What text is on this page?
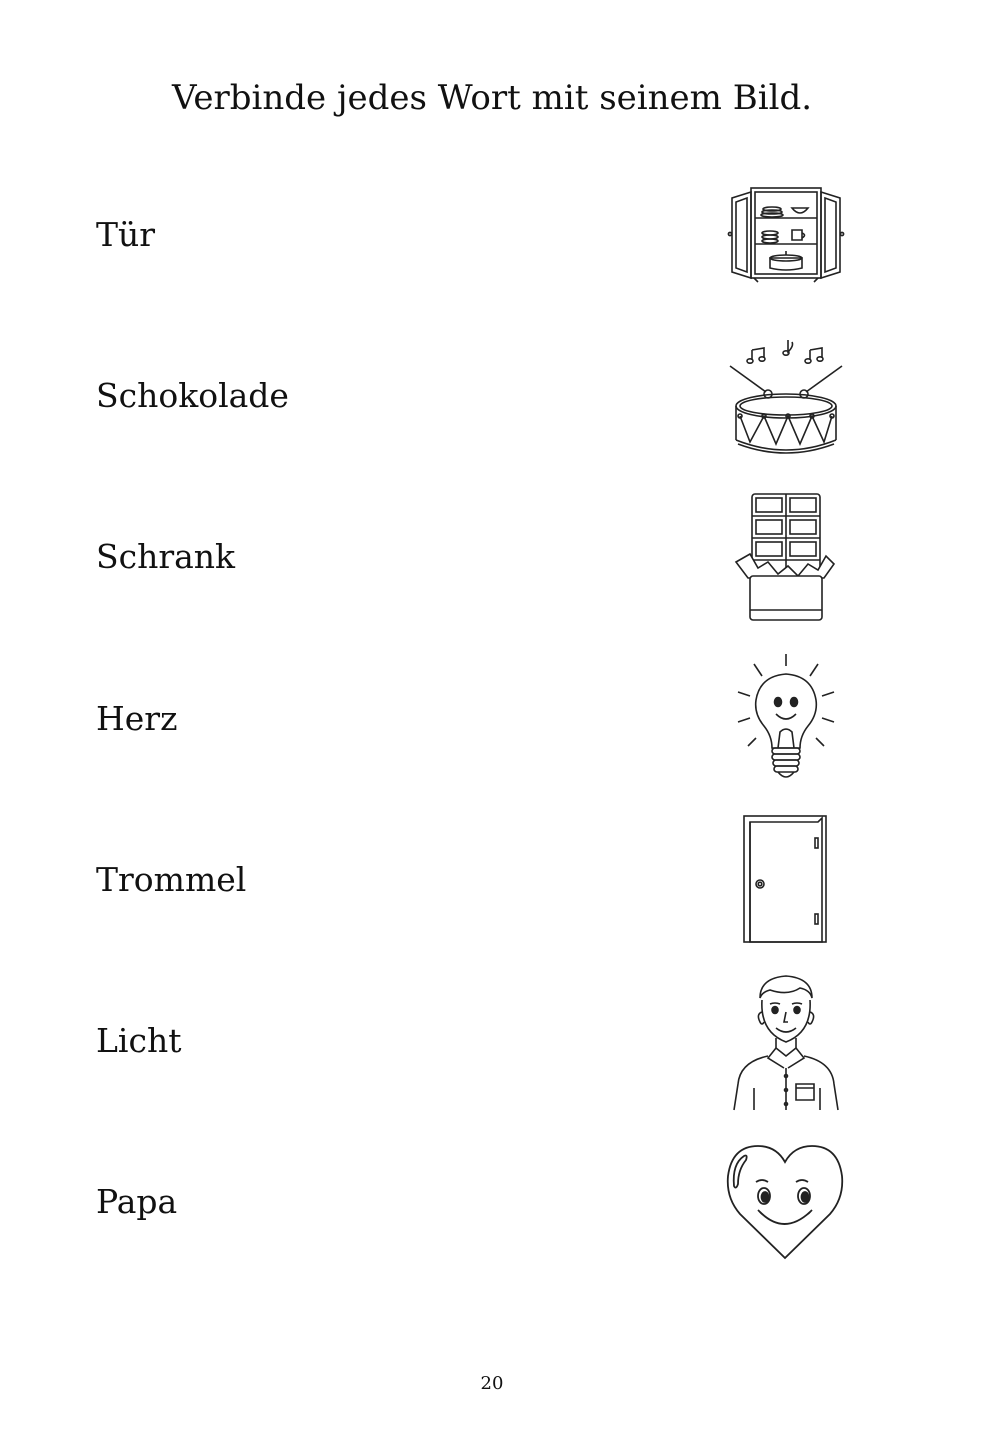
Verbinde jedes Wort mit seinem Bild.
Tür
Schokolade
Schrank
Herz
Trommel
Licht
Papa
20
